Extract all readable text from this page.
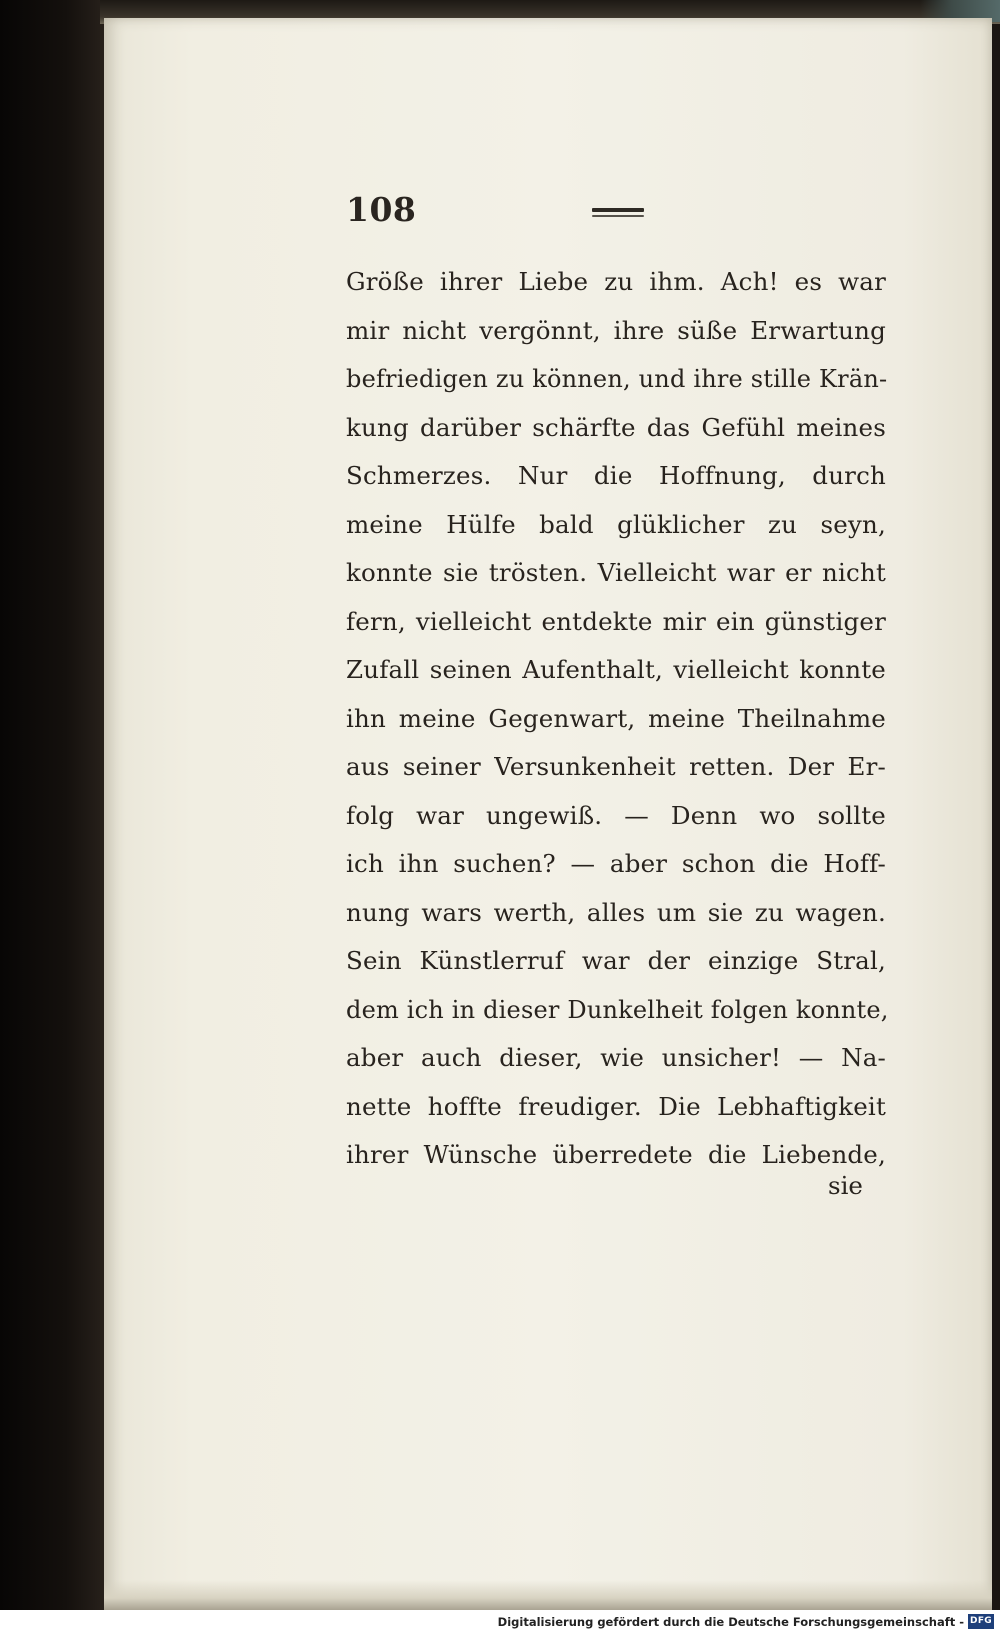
108
Größe ihrer Liebe zu ihm. Ach! es war
mir nicht vergönnt, ihre süße Erwartung
befriedigen zu können, und ihre stille Krän-
kung darüber schärfte das Gefühl meines
Schmerzes. Nur die Hoffnung, durch
meine Hülfe bald glüklicher zu seyn,
konnte sie trösten. Vielleicht war er nicht
fern, vielleicht entdekte mir ein günstiger
Zufall seinen Aufenthalt, vielleicht konnte
ihn meine Gegenwart, meine Theilnahme
aus seiner Versunkenheit retten. Der Er-
folg war ungewiß. — Denn wo sollte
ich ihn suchen? — aber schon die Hoff-
nung wars werth, alles um sie zu wagen.
Sein Künstlerruf war der einzige Stral,
dem ich in dieser Dunkelheit folgen konnte,
aber auch dieser, wie unsicher! — Na-
nette hoffte freudiger. Die Lebhaftigkeit
ihrer Wünsche überredete die Liebende,
sie
Digitalisierung gefördert durch die Deutsche Forschungsgemeinschaft - DFG
